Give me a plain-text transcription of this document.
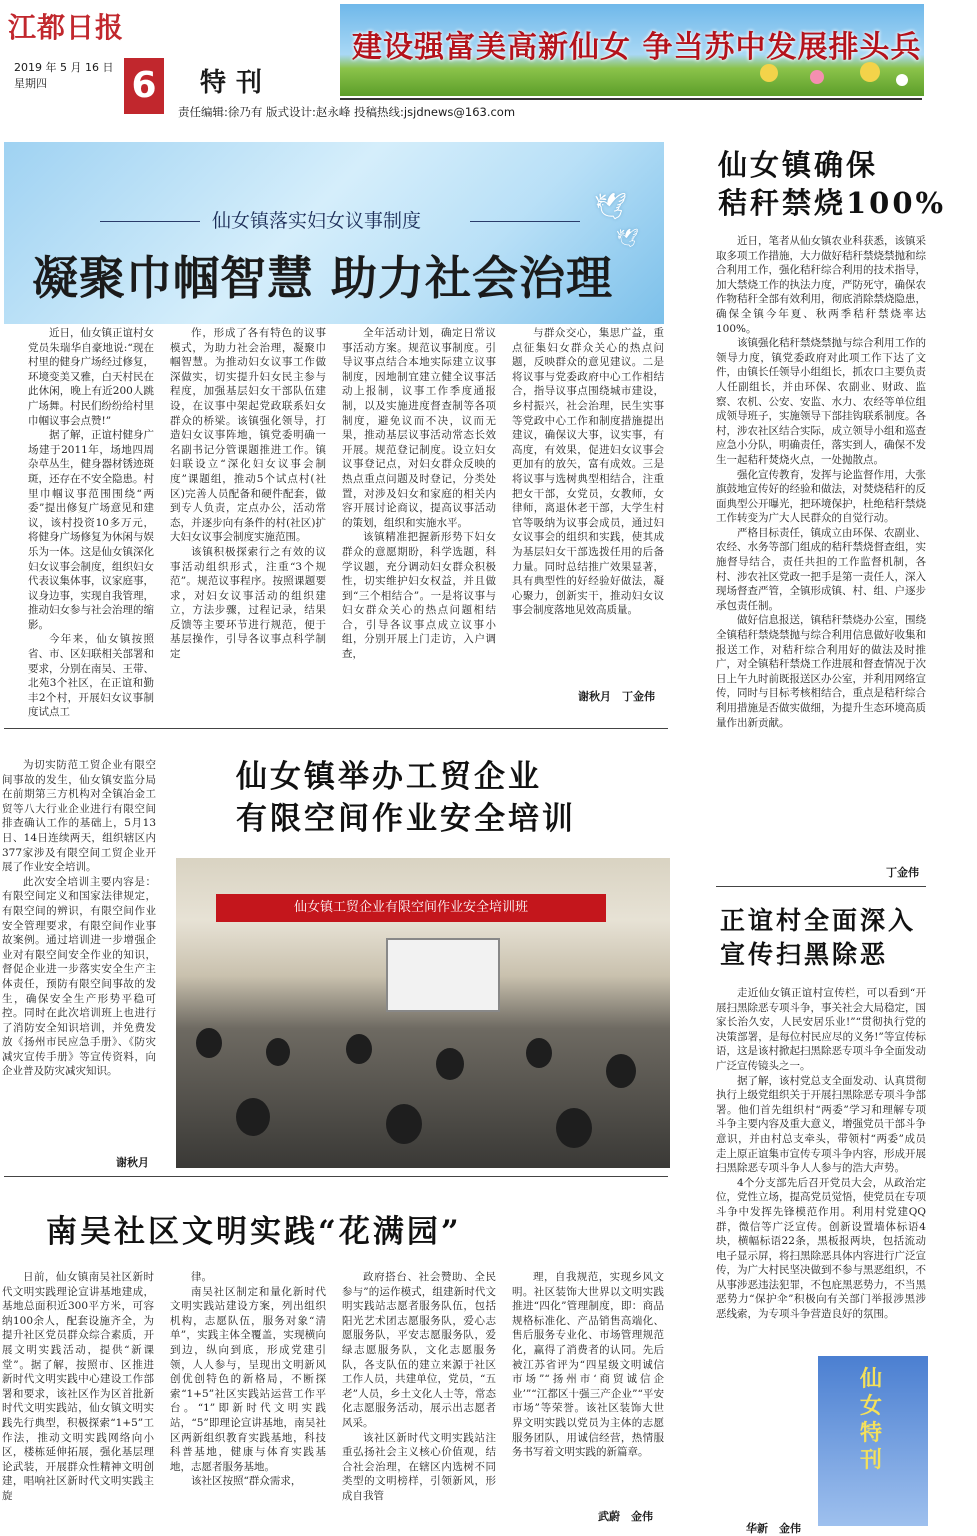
江都日报
2019 年 5 月 16 日
星期四	6 特刊
责任编辑:徐乃有 版式设计:赵永峰 投稿热线:jsjdnews@163.com
建设强富美高新仙女 争当苏中发展排头兵
🕊
🕊
仙女镇落实妇女议事制度
凝聚巾帼智慧 助力社会治理

近日，仙女镇正谊村女党员朱瑞华自豪地说:“现在村里的健身广场经过修复，环境变美又雅，白天村民在此休闲，晚上有近200人跳广场舞。村民们纷纷给村里巾帼议事会点赞!”

据了解，正谊村健身广场建于2011年，场地四周杂草丛生，健身器材锈迹斑斑，还存在不安全隐患。村里巾帼议事范围围绕“两委”提出修复广场意见和建议，该村投资10多万元，将健身广场修复为休闲与娱乐为一体。这是仙女镇深化妇女议事会制度，组织妇女代表议集体事，议家庭事，议身边事，实现自我管理，推动妇女参与社会治理的缩影。

今年来，仙女镇按照省、市、区妇联相关部署和要求，分别在南吴、王带、北苑3个社区，在正谊和勤丰2个村，开展妇女议事制度试点工

作，形成了各有特色的议事模式，为助力社会治理，凝聚巾帼智慧。为推动妇女议事工作做深做实，切实提升妇女民主参与程度，加强基层妇女干部队伍建设，在议事中架起党政联系妇女群众的桥梁。该镇强化领导，打造妇女议事阵地，镇党委明确一名副书记分管课题推进工作。镇妇联设立“深化妇女议事会制度”课题组，推动5个试点村(社区)完善人员配备和硬件配套，做到专人负责，定点办公，活动常态，并逐步向有条件的村(社区)扩大妇女议事会制度实施范围。

该镇积极探索行之有效的议事活动组织形式，注重“3个规范”。规范议事程序。按照课题要求，对妇女议事活动的组织建立，方法步骤，过程记录，结果反馈等主要环节进行规范，便于基层操作，引导各议事点科学制定

全年活动计划，确定日常议事活动方案。规范议事制度。引导议事点结合本地实际建立议事制度，因地制宜建立健全议事活动上报制，议事工作季度通报制，以及实施进度督查制等各项制度，避免议而不决，议而无果，推动基层议事活动常态长效开展。规范登记制度。设立妇女议事登记点，对妇女群众反映的热点重点问题及时登记，分类处置，对涉及妇女和家庭的相关内容开展讨论商议，提高议事活动的策划，组织和实施水平。

该镇精准把握新形势下妇女群众的意愿期盼，科学选题，科学议题，充分调动妇女群众积极性，切实维护妇女权益，并且做到“三个相结合”。一是将议事与妇女群众关心的热点问题相结合，引导各议事点成立议事小组，分别开展上门走访，入户调查，

与群众交心，集思广益，重点征集妇女群众关心的热点问题，反映群众的意见建议。二是将议事与党委政府中心工作相结合，指导议事点围绕城市建设，乡村振兴，社会治理，民生实事等党政中心工作和制度措施提出建议，确保议大事，议实事，有高度，有效果，促进妇女议事会更加有的放矢，富有成效。三是将议事与选树典型相结合，注重把女干部，女党员，女教师，女律师，离退休老干部，大学生村官等吸纳为议事会成员，通过妇女议事会的组织和实践，使其成为基层妇女干部选拨任用的后备力量。同时总结推广效果显著，具有典型性的好经验好做法，凝心聚力，创新实干，推动妇女议事会制度落地见效高质量。

谢秋月　丁金伟
仙女镇确保
秸秆禁烧100%

近日，笔者从仙女镇农业科获悉，该镇采取多项工作措施，大力做好秸秆禁烧禁抛和综合利用工作，强化秸秆综合利用的技术指导，加大禁烧工作的执法力度，严防死守，确保农作物秸秆全部有效利用，彻底消除禁烧隐患，确保全镇今年夏、秋两季秸秆禁烧率达100%。

该镇强化秸秆禁烧禁抛与综合利用工作的领导力度，镇党委政府对此项工作下达了文件，由镇长任领导小组组长，抓农口主要负责人任副组长，并由环保、农副业、财政、监察、农机、公安、安监、水力、农经等单位组成领导班子，实施领导下部挂钩联系制度。各村，涉农社区结合实际，成立领导小组和巡查应急小分队，明确责任，落实到人，确保不发生一起秸秆焚烧火点，一处抛散点。

强化宣传教育，发挥与论监督作用，大张旗鼓地宣传好的经验和做法，对焚烧秸秆的反面典型公开曝光，把环境保护，杜绝秸秆禁烧工作转变为广大人民群众的自觉行动。

严格目标责任，镇成立由环保、农副业、农经、水务等部门组成的秸秆禁烧督查组，实施督导结合，责任共担的工作监督机制，各村、涉农社区党政一把手是第一责任人，深入现场督查严管，全镇形成镇、村、组、户逐步承包责任制。

做好信息报送，镇秸秆禁烧办公室，围绕全镇秸秆禁烧禁抛与综合利用信息做好收集和报送工作，对秸秆综合利用好的做法及时推广，对全镇秸秆禁烧工作进展和督查情况于次日上午九时前既报送区办公室，并利用网络宣传，同时与目标考核相结合，重点是秸秆综合利用措施是否做实做细，为提升生态环境高质量作出新贡献。

丁金伟
仙女镇举办工贸企业
有限空间作业安全培训

为切实防范工贸企业有限空间事故的发生，仙女镇安监分局在前期第三方机构对全镇冶金工贸等八大行业企业进行有限空间排查确认工作的基础上，5月13日、14日连续两天，组织辖区内377家涉及有限空间工贸企业开展了作业安全培训。

此次安全培训主要内容是：有限空间定义和国家法律规定，有限空间的辨识，有限空间作业安全管理要求，有限空间作业事故案例。通过培训进一步增强企业对有限空间安全作业的知识，督促企业进一步落实安全生产主体责任，预防有限空间事故的发生，确保安全生产形势平稳可控。同时在此次培训班上也进行了消防安全知识培训，并免费发放《扬州市民应急手册》、《防灾减灾宣传手册》等宣传资料，向企业普及防灾减灾知识。

谢秋月
仙女镇工贸企业有限空间作业安全培训班	正谊村全面深入
宣传扫黑除恶

走近仙女镇正谊村宣传栏，可以看到“开展扫黑除恶专项斗争，事关社会大局稳定，国家长治久安，人民安居乐业!”“贯彻执行党的决策部署，是每位村民应尽的义务!”等宣传标语，这是该村掀起扫黑除恶专项斗争全面发动广泛宣传镜头之一。

据了解，该村党总支全面发动、认真贯彻执行上级党组织关于开展扫黑除恶专项斗争部署。他们首先组织村“两委”学习和理解专项斗争主要内容及重大意义，增强党员干部斗争意识，并由村总支牵头，带领村“两委”成员走上原正谊集市宣传专项斗争内容，形成开展扫黑除恶专项斗争人人参与的浩大声势。

4个分支部先后召开党员大会，从政治定位，党性立场，提高党员觉悟，使党员在专项斗争中发挥先锋模范作用。利用村党建QQ群，微信等广泛宣传。创新设置墙体标语4块，横幅标语22条，黑板报两块，包括流动电子显示屏，将扫黑除恶具体内容进行广泛宣传，为广大村民坚决做到不参与黑恶组织，不从事涉恶违法犯罪，不包庇黑恶势力，不当黑恶势力“保护伞”积极向有关部门举报涉黑涉恶线索，为专项斗争营造良好的氛围。

仙女特刊
华新　金伟
南吴社区文明实践“花满园”

日前，仙女镇南吴社区新时代文明实践理论宣讲基地建成，基地总面积近300平方米，可容纳100余人，配套设施齐全，为提升社区党员群众综合素质，开展文明实践活动，提供“新课堂”。据了解，按照市、区推进新时代文明实践中心建设工作部署和要求，该社区作为区首批新时代文明实践站，仙女镇文明实践先行典型，积极探索“1+5”工作法，推动文明实践网络向小区，楼栋延伸拓展，强化基层理论武装，开展群众性精神文明创建，唱响社区新时代文明实践主旋

律。

南吴社区制定和量化新时代文明实践站建设方案，列出组织机构，志愿队伍，服务对象“清单”，实践主体全覆盖，实现横向到边，纵向到底，形成党建引领，人人参与，呈现出文明新风创优创特色的新格局，不断探索“1+5”社区实践站运营工作平台。“1”即新时代文明实践站，“5”即理论宣讲基地，南吴社区两新组织教育实践基地，科技科普基地，健康与体育实践基地，志愿者服务基地。

该社区按照“群众需求，

政府搭台、社会赞助、全民参与”的运作模式，组建新时代文明实践站志愿者服务队伍，包括阳光艺术团志愿服务队，爱心志愿服务队，平安志愿服务队，爱绿志愿服务队，文化志愿服务队，各支队伍的建立来源于社区工作人员，共建单位，党员，“五老”人员，乡土文化人士等，常态化志愿服务活动，展示出志愿者风采。

该社区新时代文明实践站注重弘扬社会主义核心价值观，结合社会治理，在辖区内选树不同类型的文明榜样，引领新风，形成自我管

理，自我规范，实现乡风文明。社区装饰大世界以文明实践推进“四化”管理制度，即：商品规格标准化、产品销售高端化、售后服务专业化、市场管理规范化，赢得了消费者的认同。先后被江苏省评为“四星级文明诚信市场”“扬州市‘商贸诚信企业’”“江都区十强三产企业”“平安市场”等荣誉。该社区装饰大世界文明实践以党员为主体的志愿服务团队，用诚信经营，热情服务书写着文明实践的新篇章。

武蔚　金伟
